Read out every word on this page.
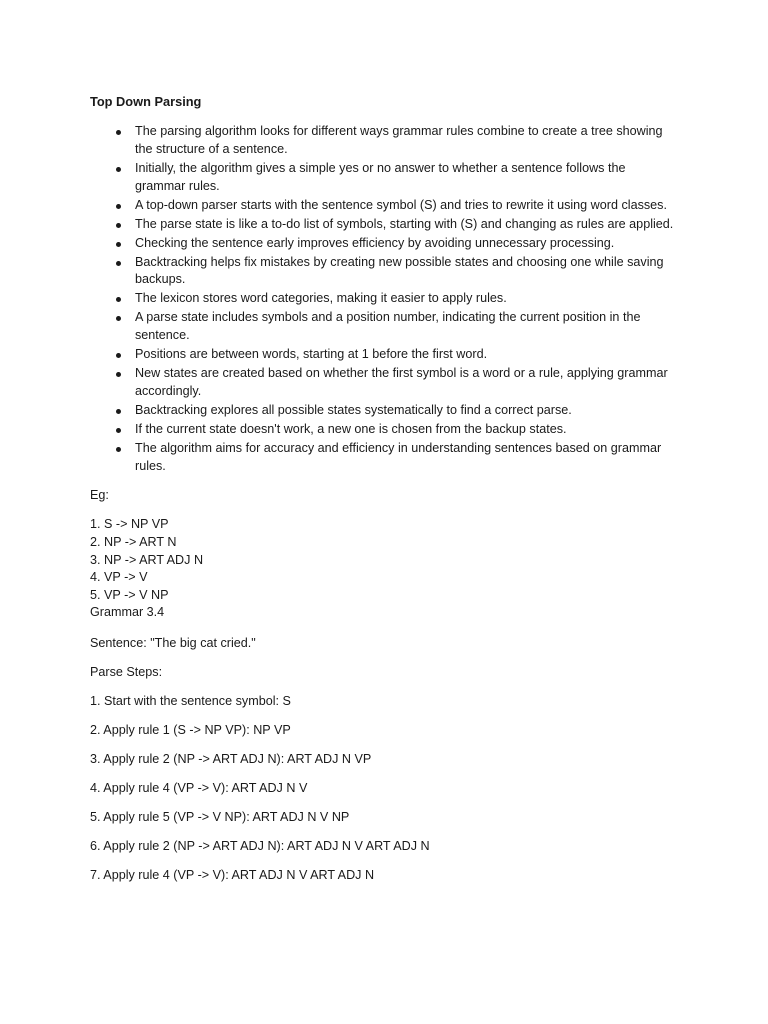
Top Down Parsing
The parsing algorithm looks for different ways grammar rules combine to create a tree showing
the structure of a sentence.
Initially, the algorithm gives a simple yes or no answer to whether a sentence follows the
grammar rules.
A top-down parser starts with the sentence symbol (S) and tries to rewrite it using word classes.
The parse state is like a to-do list of symbols, starting with (S) and changing as rules are applied.
Checking the sentence early improves efficiency by avoiding unnecessary processing.
Backtracking helps fix mistakes by creating new possible states and choosing one while saving
backups.
The lexicon stores word categories, making it easier to apply rules.
A parse state includes symbols and a position number, indicating the current position in the
sentence.
Positions are between words, starting at 1 before the first word.
New states are created based on whether the first symbol is a word or a rule, applying grammar
accordingly.
Backtracking explores all possible states systematically to find a correct parse.
If the current state doesn't work, a new one is chosen from the backup states.
The algorithm aims for accuracy and efficiency in understanding sentences based on grammar
rules.
Eg:
1. S -> NP VP
2. NP -> ART N
3. NP -> ART ADJ N
4. VP -> V
5. VP -> V NP
Grammar 3.4
Sentence: "The big cat cried."
Parse Steps:
1. Start with the sentence symbol: S
2. Apply rule 1 (S -> NP VP): NP VP
3. Apply rule 2 (NP -> ART ADJ N): ART ADJ N VP
4. Apply rule 4 (VP -> V): ART ADJ N V
5. Apply rule 5 (VP -> V NP): ART ADJ N V NP
6. Apply rule 2 (NP -> ART ADJ N): ART ADJ N V ART ADJ N
7. Apply rule 4 (VP -> V): ART ADJ N V ART ADJ N
